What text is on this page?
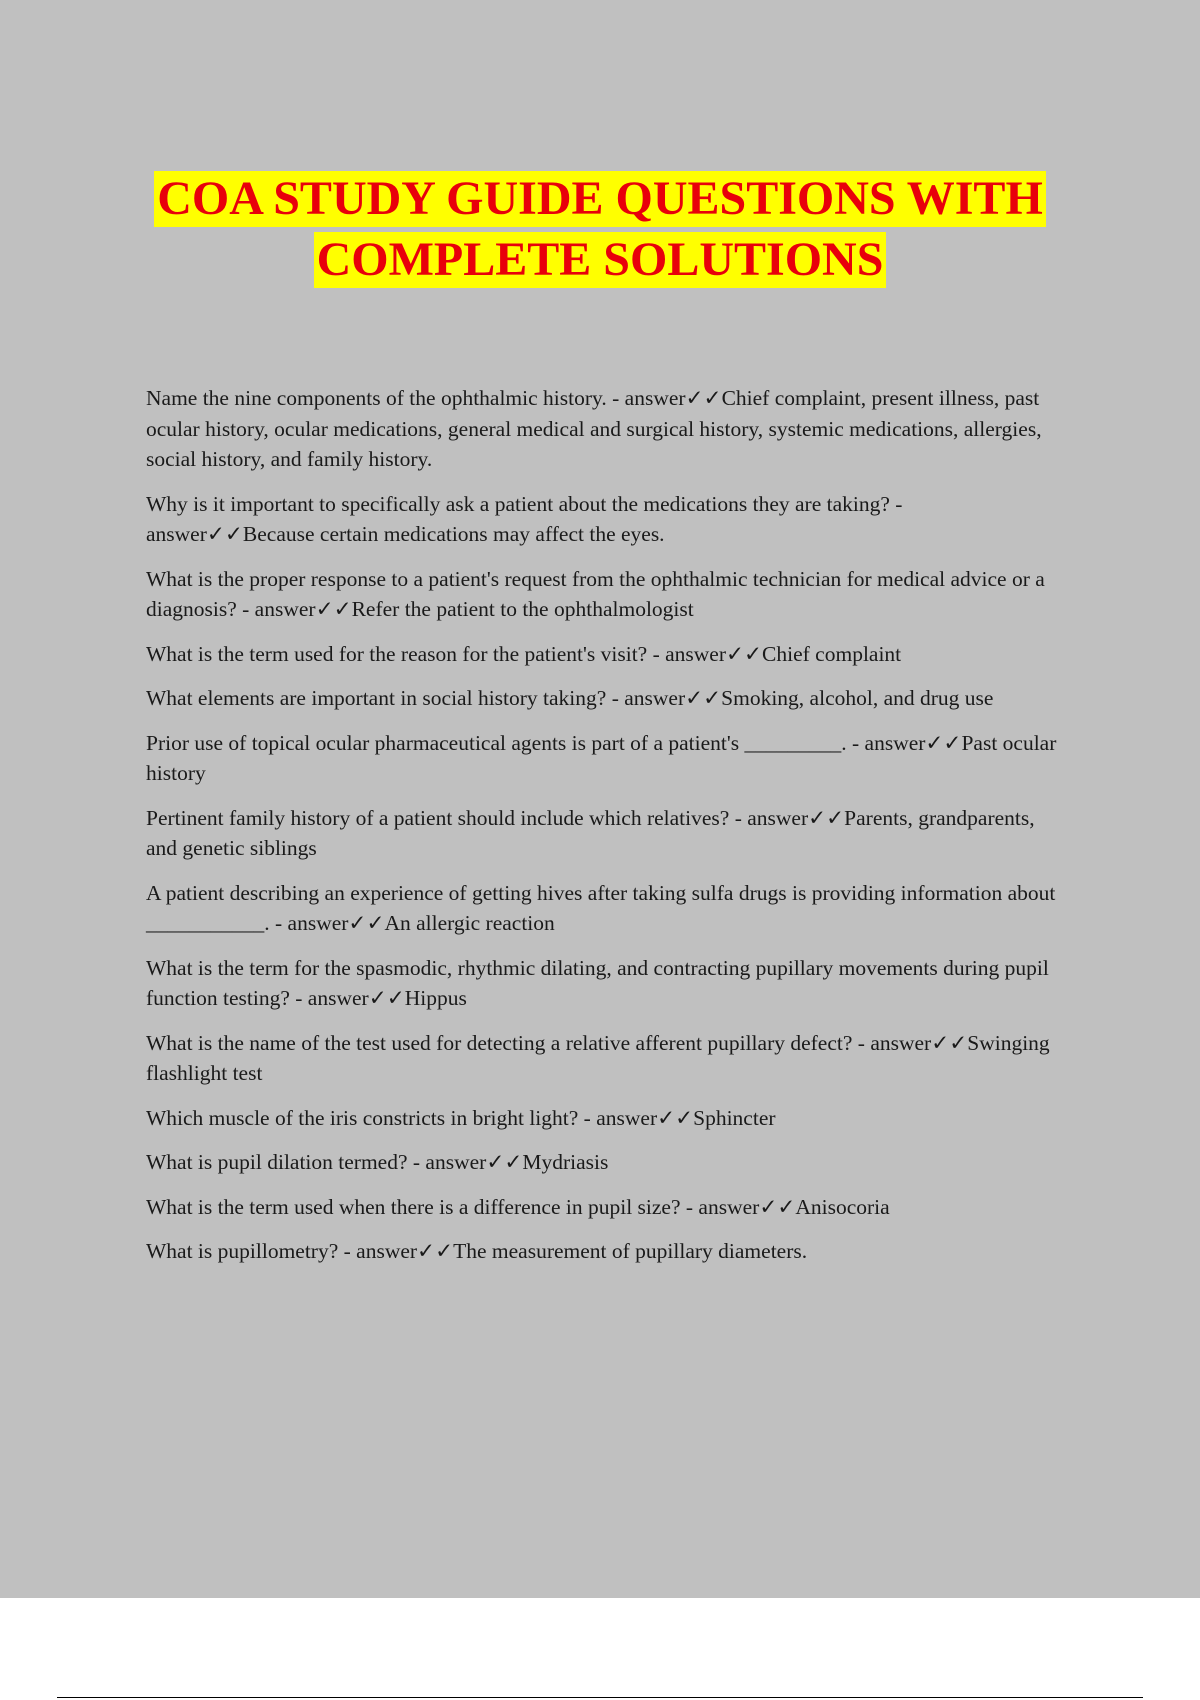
COA STUDY GUIDE QUESTIONS WITH
COMPLETE SOLUTIONS

Name the nine components of the ophthalmic history. - answer✓✓Chief complaint, present illness, past ocular history, ocular medications, general medical and surgical history, systemic medications, allergies, social history, and family history.

Why is it important to specifically ask a patient about the medications they are taking? - answer✓✓Because certain medications may affect the eyes.

What is the proper response to a patient's request from the ophthalmic technician for medical advice or a diagnosis? - answer✓✓Refer the patient to the ophthalmologist

What is the term used for the reason for the patient's visit? - answer✓✓Chief complaint

What elements are important in social history taking? - answer✓✓Smoking, alcohol, and drug use

Prior use of topical ocular pharmaceutical agents is part of a patient's _________. - answer✓✓Past ocular history

Pertinent family history of a patient should include which relatives? - answer✓✓Parents, grandparents, and genetic siblings

A patient describing an experience of getting hives after taking sulfa drugs is providing information about ___________. - answer✓✓An allergic reaction

What is the term for the spasmodic, rhythmic dilating, and contracting pupillary movements during pupil function testing? - answer✓✓Hippus

What is the name of the test used for detecting a relative afferent pupillary defect? - answer✓✓Swinging flashlight test

Which muscle of the iris constricts in bright light? - answer✓✓Sphincter

What is pupil dilation termed? - answer✓✓Mydriasis

What is the term used when there is a difference in pupil size? - answer✓✓Anisocoria

What is pupillometry? - answer✓✓The measurement of pupillary diameters.
